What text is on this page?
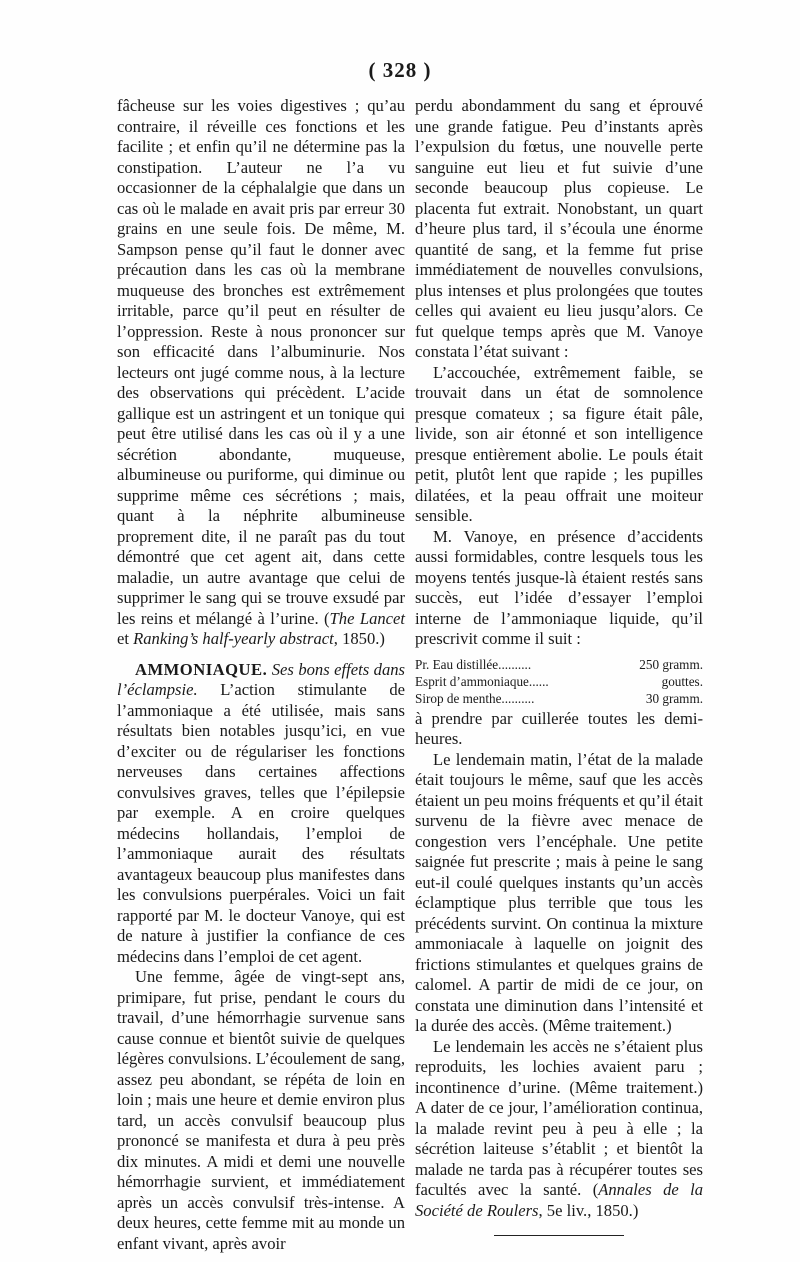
( 328 )

fâcheuse sur les voies digestives ; qu’au contraire, il réveille ces fonctions et les facilite ; et enfin qu’il ne détermine pas la constipation. L’auteur ne l’a vu occasionner de la céphalalgie que dans un cas où le malade en avait pris par erreur 30 grains en une seule fois. De même, M. Sampson pense qu’il faut le donner avec précaution dans les cas où la membrane muqueuse des bronches est extrêmement irritable, parce qu’il peut en résulter de l’oppression. Reste à nous prononcer sur son efficacité dans l’albuminurie. Nos lecteurs ont jugé comme nous, à la lecture des observations qui précèdent. L’acide gallique est un astringent et un tonique qui peut être utilisé dans les cas où il y a une sécrétion abondante, muqueuse, albumineuse ou puriforme, qui diminue ou supprime même ces sécrétions ; mais, quant à la néphrite albumineuse proprement dite, il ne paraît pas du tout démontré que cet agent ait, dans cette maladie, un autre avantage que celui de supprimer le sang qui se trouve exsudé par les reins et mélangé à l’urine. (The Lancet et Ranking’s half-yearly abstract, 1850.)

AMMONIAQUE. Ses bons effets dans l’éclampsie. L’action stimulante de l’ammoniaque a été utilisée, mais sans résultats bien notables jusqu’ici, en vue d’exciter ou de régulariser les fonctions nerveuses dans certaines affections convulsives graves, telles que l’épilepsie par exemple. A en croire quelques médecins hollandais, l’emploi de l’ammoniaque aurait des résultats avantageux beaucoup plus manifestes dans les convulsions puerpérales. Voici un fait rapporté par M. le docteur Vanoye, qui est de nature à justifier la confiance de ces médecins dans l’emploi de cet agent.

Une femme, âgée de vingt-sept ans, primipare, fut prise, pendant le cours du travail, d’une hémorrhagie survenue sans cause connue et bientôt suivie de quelques légères convulsions. L’écoulement de sang, assez peu abondant, se répéta de loin en loin ; mais une heure et demie environ plus tard, un accès convulsif beaucoup plus prononcé se manifesta et dura à peu près dix minutes. A midi et demi une nouvelle hémorrhagie survient, et immédiatement après un accès convulsif très-intense. A deux heures, cette femme mit au monde un enfant vivant, après avoir

perdu abondamment du sang et éprouvé une grande fatigue. Peu d’instants après l’expulsion du fœtus, une nouvelle perte sanguine eut lieu et fut suivie d’une seconde beaucoup plus copieuse. Le placenta fut extrait. Nonobstant, un quart d’heure plus tard, il s’écoula une énorme quantité de sang, et la femme fut prise immédiatement de nouvelles convulsions, plus intenses et plus prolongées que toutes celles qui avaient eu lieu jusqu’alors. Ce fut quelque temps après que M. Vanoye constata l’état suivant :

L’accouchée, extrêmement faible, se trouvait dans un état de somnolence presque comateux ; sa figure était pâle, livide, son air étonné et son intelligence presque entièrement abolie. Le pouls était petit, plutôt lent que rapide ; les pupilles dilatées, et la peau offrait une moiteur sensible.

M. Vanoye, en présence d’accidents aussi formidables, contre lesquels tous les moyens tentés jusque-là étaient restés sans succès, eut l’idée d’essayer l’emploi interne de l’ammoniaque liquide, qu’il prescrivit comme il suit :

Pr. Eau distillée..........	250 gramm.
Esprit d’ammoniaque......	gouttes.
Sirop de menthe..........	30 gramm.

à prendre par cuillerée toutes les demi-heures.

Le lendemain matin, l’état de la malade était toujours le même, sauf que les accès étaient un peu moins fréquents et qu’il était survenu de la fièvre avec menace de congestion vers l’encéphale. Une petite saignée fut prescrite ; mais à peine le sang eut-il coulé quelques instants qu’un accès éclamptique plus terrible que tous les précédents survint. On continua la mixture ammoniacale à laquelle on joignit des frictions stimulantes et quelques grains de calomel. A partir de midi de ce jour, on constata une diminution dans l’intensité et la durée des accès. (Même traitement.)

Le lendemain les accès ne s’étaient plus reproduits, les lochies avaient paru ; incontinence d’urine. (Même traitement.) A dater de ce jour, l’amélioration continua, la malade revint peu à peu à elle ; la sécrétion laiteuse s’établit ; et bientôt la malade ne tarda pas à récupérer toutes ses facultés avec la santé. (Annales de la Société de Roulers, 5e liv., 1850.)
